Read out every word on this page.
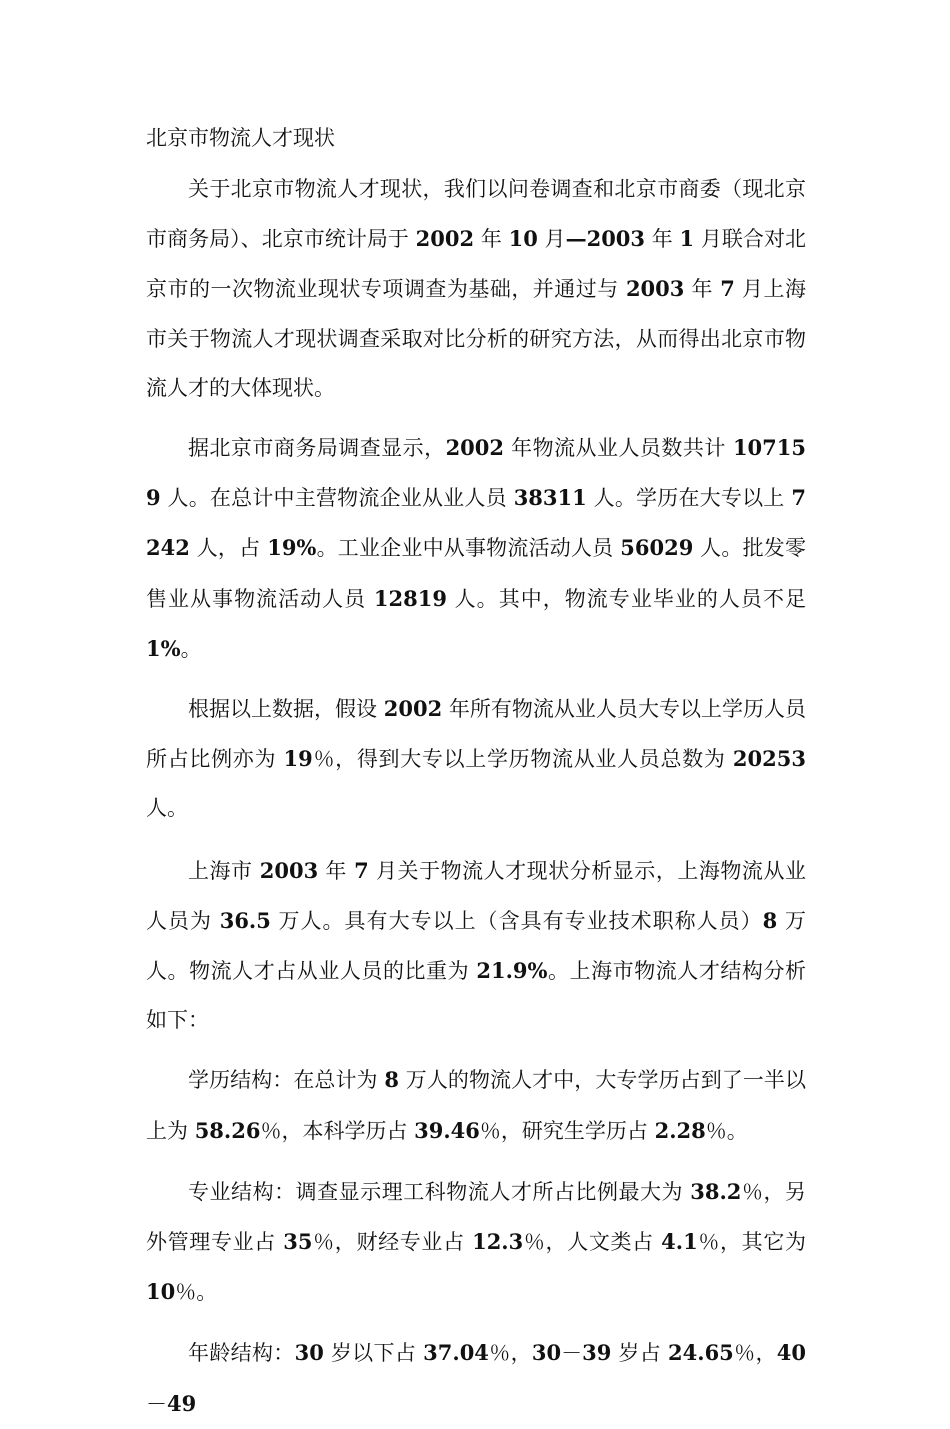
北京市物流人才现状

关于北京市物流人才现状，我们以问卷调查和北京市商委（现北京市商务局）、北京市统计局于 2002 年 10 月—2003 年 1 月联合对北京市的一次物流业现状专项调查为基础，并通过与 2003 年 7 月上海市关于物流人才现状调查采取对比分析的研究方法，从而得出北京市物流人才的大体现状。

据北京市商务局调查显示，2002 年物流从业人员数共计 107159 人。在总计中主营物流企业从业人员 38311 人。学历在大专以上 7242 人，占 19%。工业企业中从事物流活动人员 56029 人。批发零售业从事物流活动人员 12819 人。其中，物流专业毕业的人员不足 1%。

根据以上数据，假设 2002 年所有物流从业人员大专以上学历人员所占比例亦为 19％，得到大专以上学历物流从业人员总数为 20253 人。

上海市 2003 年 7 月关于物流人才现状分析显示，上海物流从业人员为 36.5 万人。具有大专以上（含具有专业技术职称人员）8 万人。物流人才占从业人员的比重为 21.9%。上海市物流人才结构分析如下：

学历结构：在总计为 8 万人的物流人才中，大专学历占到了一半以上为 58.26％，本科学历占 39.46％，研究生学历占 2.28％。

专业结构：调查显示理工科物流人才所占比例最大为 38.2％，另外管理专业占 35％，财经专业占 12.3％，人文类占 4.1％，其它为 10％。

年龄结构：30 岁以下占 37.04％，30－39 岁占 24.65％，40－49
